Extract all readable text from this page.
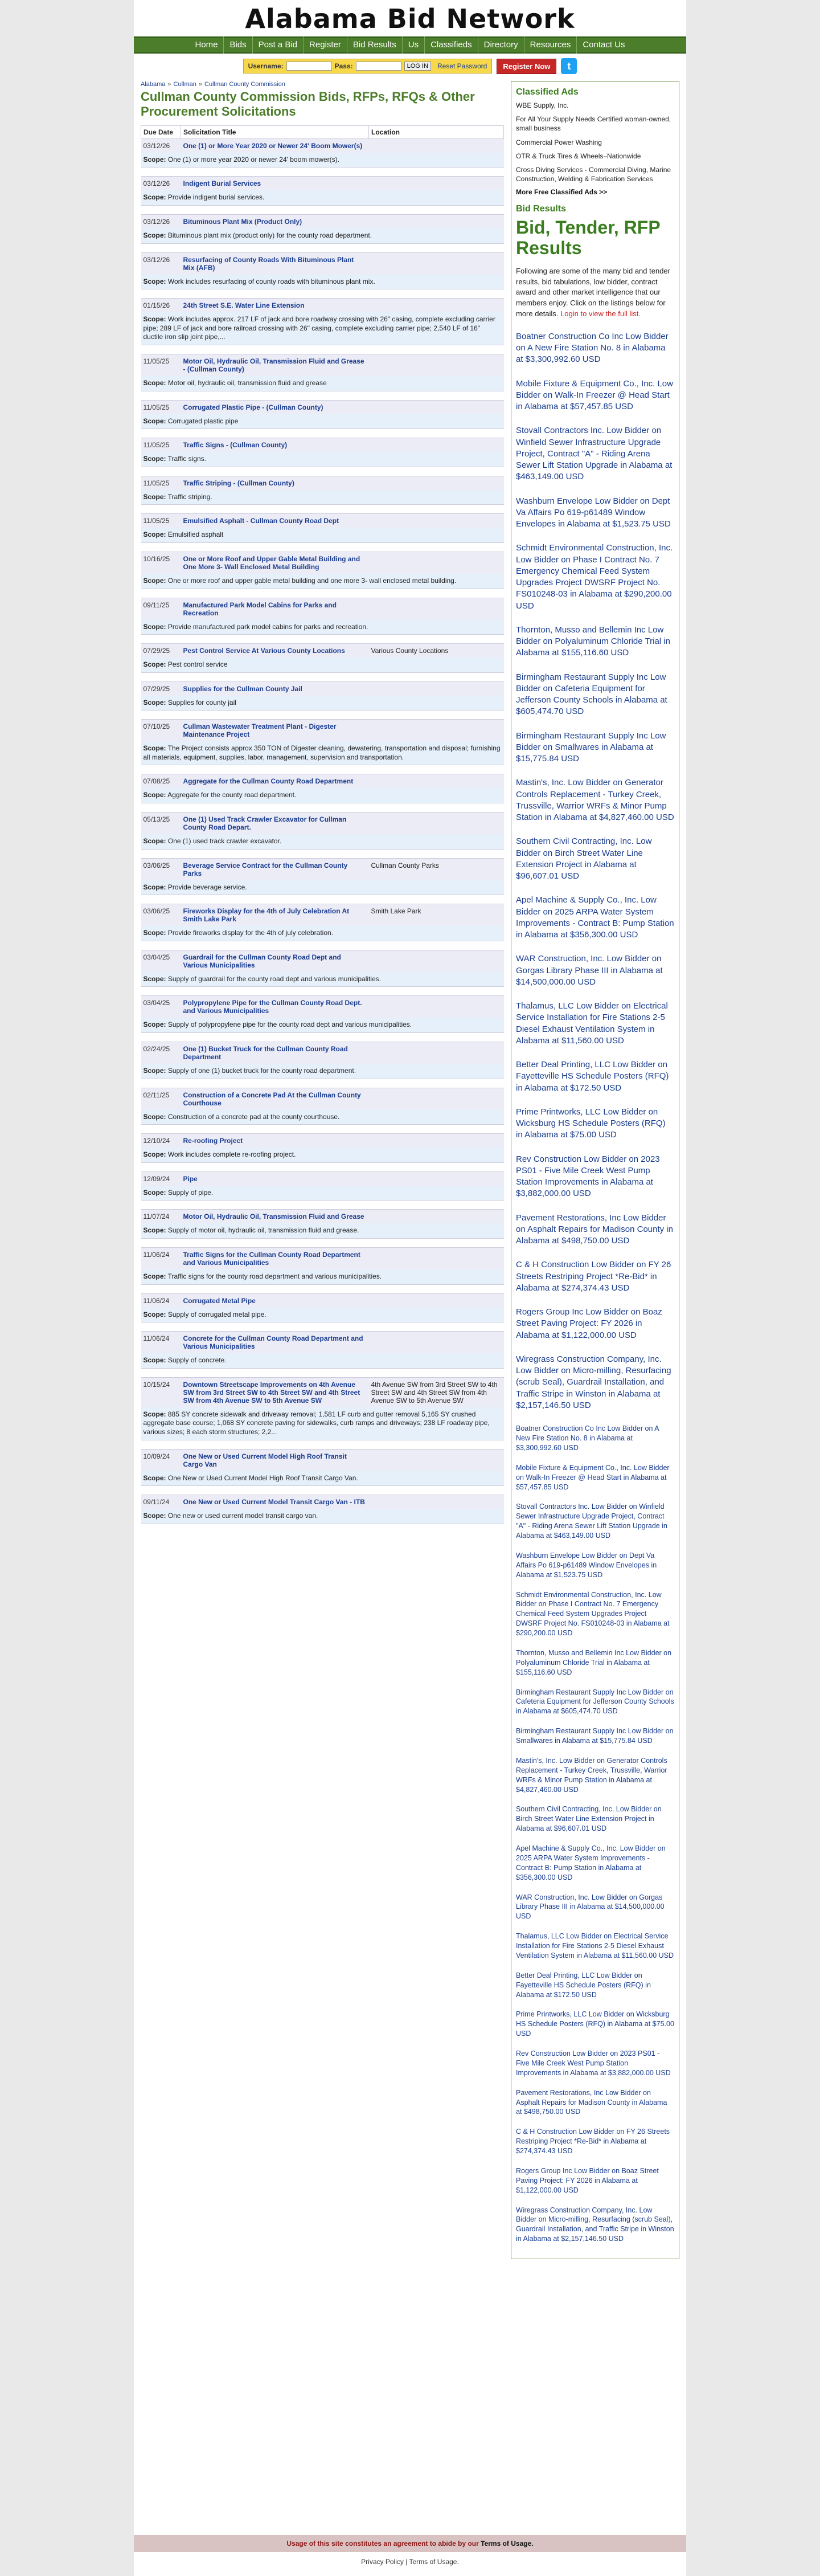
Alabama Bid Network
Home	Bids	Post a Bid	Register	Bid Results	Us	Classifieds	Directory	Resources	Contact Us
Username:	Pass:	LOG IN	Reset Password	Register Now	t
Alabama » Cullman » Cullman County Commission
Cullman County Commission Bids, RFPs, RFQs & Other Procurement Solicitations
Due Date	Solicitation Title	Location
03/12/26	One (1) or More Year 2020 or Newer 24' Boom Mower(s)	
Scope: One (1) or more year 2020 or newer 24' boom mower(s).		

03/12/26	Indigent Burial Services	
Scope: Provide indigent burial services.		

03/12/26	Bituminous Plant Mix (Product Only)	
Scope: Bituminous plant mix (product only) for the county road department.		

03/12/26	Resurfacing of County Roads With Bituminous Plant Mix (AFB)	
Scope: Work includes resurfacing of county roads with bituminous plant mix.		

01/15/26	24th Street S.E. Water Line Extension	
Scope: Work includes approx. 217 LF of jack and bore roadway crossing with 26" casing, complete excluding carrier pipe; 289 LF of jack and bore railroad crossing with 26" casing, complete excluding carrier pipe; 2,540 LF of 16" ductile iron slip joint pipe,...		

11/05/25	Motor Oil, Hydraulic Oil, Transmission Fluid and Grease - (Cullman County)	
Scope: Motor oil, hydraulic oil, transmission fluid and grease		

11/05/25	Corrugated Plastic Pipe - (Cullman County)	
Scope: Corrugated plastic pipe		

11/05/25	Traffic Signs - (Cullman County)	
Scope: Traffic signs.		

11/05/25	Traffic Striping - (Cullman County)	
Scope: Traffic striping.		

11/05/25	Emulsified Asphalt - Cullman County Road Dept	
Scope: Emulsified asphalt		

10/16/25	One or More Roof and Upper Gable Metal Building and One More 3- Wall Enclosed Metal Building	
Scope: One or more roof and upper gable metal building and one more 3- wall enclosed metal building.		

09/11/25	Manufactured Park Model Cabins for Parks and Recreation	
Scope: Provide manufactured park model cabins for parks and recreation.		

07/29/25	Pest Control Service At Various County Locations	Various County Locations
Scope: Pest control service		

07/29/25	Supplies for the Cullman County Jail	
Scope: Supplies for county jail		

07/10/25	Cullman Wastewater Treatment Plant - Digester Maintenance Project	
Scope: The Project consists approx 350 TON of Digester cleaning, dewatering, transportation and disposal; furnishing all materials, equipment, supplies, labor, management, supervision and transportation.		

07/08/25	Aggregate for the Cullman County Road Department	
Scope: Aggregate for the county road department.		

05/13/25	One (1) Used Track Crawler Excavator for Cullman County Road Depart.	
Scope: One (1) used track crawler excavator.		

03/06/25	Beverage Service Contract for the Cullman County Parks	Cullman County Parks
Scope: Provide beverage service.		

03/06/25	Fireworks Display for the 4th of July Celebration At Smith Lake Park	Smith Lake Park
Scope: Provide fireworks display for the 4th of july celebration.		

03/04/25	Guardrail for the Cullman County Road Dept and Various Municipalities	
Scope: Supply of guardrail for the county road dept and various municipalities.		

03/04/25	Polypropylene Pipe for the Cullman County Road Dept. and Various Municipalities	
Scope: Supply of polypropylene pipe for the county road dept and various municipalities.		

02/24/25	One (1) Bucket Truck for the Cullman County Road Department	
Scope: Supply of one (1) bucket truck for the county road department.		

02/11/25	Construction of a Concrete Pad At the Cullman County Courthouse	
Scope: Construction of a concrete pad at the county courthouse.		

12/10/24	Re-roofing Project	
Scope: Work includes complete re-roofing project.		

12/09/24	Pipe	
Scope: Supply of pipe.		

11/07/24	Motor Oil, Hydraulic Oil, Transmission Fluid and Grease	
Scope: Supply of motor oil, hydraulic oil, transmission fluid and grease.		

11/06/24	Traffic Signs for the Cullman County Road Department and Various Municipalities	
Scope: Traffic signs for the county road department and various municipalities.		

11/06/24	Corrugated Metal Pipe	
Scope: Supply of corrugated metal pipe.		

11/06/24	Concrete for the Cullman County Road Department and Various Municipalities	
Scope: Supply of concrete.		

10/15/24	Downtown Streetscape Improvements on 4th Avenue SW from 3rd Street SW to 4th Street SW and 4th Street SW from 4th Avenue SW to 5th Avenue SW	4th Avenue SW from 3rd Street SW to 4th Street SW and 4th Street SW from 4th Avenue SW to 5th Avenue SW
Scope: 885 SY concrete sidewalk and driveway removal; 1,581 LF curb and gutter removal 5,165 SY crushed aggregate base course; 1,068 SY concrete paving for sidewalks, curb ramps and driveways; 238 LF roadway pipe, various sizes; 8 each storm structures; 2,2...		

10/09/24	One New or Used Current Model High Roof Transit Cargo Van	
Scope: One New or Used Current Model High Roof Transit Cargo Van.		

09/11/24	One New or Used Current Model Transit Cargo Van - ITB	
Scope: One new or used current model transit cargo van.		

Classified Ads
WBE Supply, Inc.
For All Your Supply Needs Certified woman-owned, small business
Commercial Power Washing
OTR & Truck Tires & Wheels–Nationwide
Cross Diving Services - Commercial Diving, Marine Construction, Welding & Fabrication Services
More Free Classified Ads >>
Bid Results
Bid, Tender, RFP Results

Following are some of the many bid and tender results, bid tabulations, low bidder, contract award and other market intelligence that our members enjoy. Click on the listings below for more details. Login to view the full list.

Boatner Construction Co Inc Low Bidder on A New Fire Station No. 8 in Alabama at $3,300,992.60 USD
Mobile Fixture & Equipment Co., Inc. Low Bidder on Walk-In Freezer @ Head Start in Alabama at $57,457.85 USD
Stovall Contractors Inc. Low Bidder on Winfield Sewer Infrastructure Upgrade Project, Contract "A" - Riding Arena Sewer Lift Station Upgrade in Alabama at $463,149.00 USD
Washburn Envelope Low Bidder on Dept Va Affairs Po 619-p61489 Window Envelopes in Alabama at $1,523.75 USD
Schmidt Environmental Construction, Inc. Low Bidder on Phase I Contract No. 7 Emergency Chemical Feed System Upgrades Project DWSRF Project No. FS010248-03 in Alabama at $290,200.00 USD
Thornton, Musso and Bellemin Inc Low Bidder on Polyaluminum Chloride Trial in Alabama at $155,116.60 USD
Birmingham Restaurant Supply Inc Low Bidder on Cafeteria Equipment for Jefferson County Schools in Alabama at $605,474.70 USD
Birmingham Restaurant Supply Inc Low Bidder on Smallwares in Alabama at $15,775.84 USD
Mastin's, Inc. Low Bidder on Generator Controls Replacement - Turkey Creek, Trussville, Warrior WRFs & Minor Pump Station in Alabama at $4,827,460.00 USD
Southern Civil Contracting, Inc. Low Bidder on Birch Street Water Line Extension Project in Alabama at $96,607.01 USD
Apel Machine & Supply Co., Inc. Low Bidder on 2025 ARPA Water System Improvements - Contract B: Pump Station in Alabama at $356,300.00 USD
WAR Construction, Inc. Low Bidder on Gorgas Library Phase III in Alabama at $14,500,000.00 USD
Thalamus, LLC Low Bidder on Electrical Service Installation for Fire Stations 2-5 Diesel Exhaust Ventilation System in Alabama at $11,560.00 USD
Better Deal Printing, LLC Low Bidder on Fayetteville HS Schedule Posters (RFQ) in Alabama at $172.50 USD
Prime Printworks, LLC Low Bidder on Wicksburg HS Schedule Posters (RFQ) in Alabama at $75.00 USD
Rev Construction Low Bidder on 2023 PS01 - Five Mile Creek West Pump Station Improvements in Alabama at $3,882,000.00 USD
Pavement Restorations, Inc Low Bidder on Asphalt Repairs for Madison County in Alabama at $498,750.00 USD
C & H Construction Low Bidder on FY 26 Streets Restriping Project *Re-Bid* in Alabama at $274,374.43 USD
Rogers Group Inc Low Bidder on Boaz Street Paving Project: FY 2026 in Alabama at $1,122,000.00 USD
Wiregrass Construction Company, Inc. Low Bidder on Micro-milling, Resurfacing (scrub Seal), Guardrail Installation, and Traffic Stripe in Winston in Alabama at $2,157,146.50 USD
Boatner Construction Co Inc Low Bidder on A New Fire Station No. 8 in Alabama at $3,300,992.60 USD
Mobile Fixture & Equipment Co., Inc. Low Bidder on Walk-In Freezer @ Head Start in Alabama at $57,457.85 USD
Stovall Contractors Inc. Low Bidder on Winfield Sewer Infrastructure Upgrade Project, Contract "A" - Riding Arena Sewer Lift Station Upgrade in Alabama at $463,149.00 USD
Washburn Envelope Low Bidder on Dept Va Affairs Po 619-p61489 Window Envelopes in Alabama at $1,523.75 USD
Schmidt Environmental Construction, Inc. Low Bidder on Phase I Contract No. 7 Emergency Chemical Feed System Upgrades Project DWSRF Project No. FS010248-03 in Alabama at $290,200.00 USD
Thornton, Musso and Bellemin Inc Low Bidder on Polyaluminum Chloride Trial in Alabama at $155,116.60 USD
Birmingham Restaurant Supply Inc Low Bidder on Cafeteria Equipment for Jefferson County Schools in Alabama at $605,474.70 USD
Birmingham Restaurant Supply Inc Low Bidder on Smallwares in Alabama at $15,775.84 USD
Mastin's, Inc. Low Bidder on Generator Controls Replacement - Turkey Creek, Trussville, Warrior WRFs & Minor Pump Station in Alabama at $4,827,460.00 USD
Southern Civil Contracting, Inc. Low Bidder on Birch Street Water Line Extension Project in Alabama at $96,607.01 USD
Apel Machine & Supply Co., Inc. Low Bidder on 2025 ARPA Water System Improvements - Contract B: Pump Station in Alabama at $356,300.00 USD
WAR Construction, Inc. Low Bidder on Gorgas Library Phase III in Alabama at $14,500,000.00 USD
Thalamus, LLC Low Bidder on Electrical Service Installation for Fire Stations 2-5 Diesel Exhaust Ventilation System in Alabama at $11,560.00 USD
Better Deal Printing, LLC Low Bidder on Fayetteville HS Schedule Posters (RFQ) in Alabama at $172.50 USD
Prime Printworks, LLC Low Bidder on Wicksburg HS Schedule Posters (RFQ) in Alabama at $75.00 USD
Rev Construction Low Bidder on 2023 PS01 - Five Mile Creek West Pump Station Improvements in Alabama at $3,882,000.00 USD
Pavement Restorations, Inc Low Bidder on Asphalt Repairs for Madison County in Alabama at $498,750.00 USD
C & H Construction Low Bidder on FY 26 Streets Restriping Project *Re-Bid* in Alabama at $274,374.43 USD
Rogers Group Inc Low Bidder on Boaz Street Paving Project: FY 2026 in Alabama at $1,122,000.00 USD
Wiregrass Construction Company, Inc. Low Bidder on Micro-milling, Resurfacing (scrub Seal), Guardrail Installation, and Traffic Stripe in Winston in Alabama at $2,157,146.50 USD
Usage of this site constitutes an agreement to abide by our Terms of Usage.
Privacy Policy | Terms of Usage.
